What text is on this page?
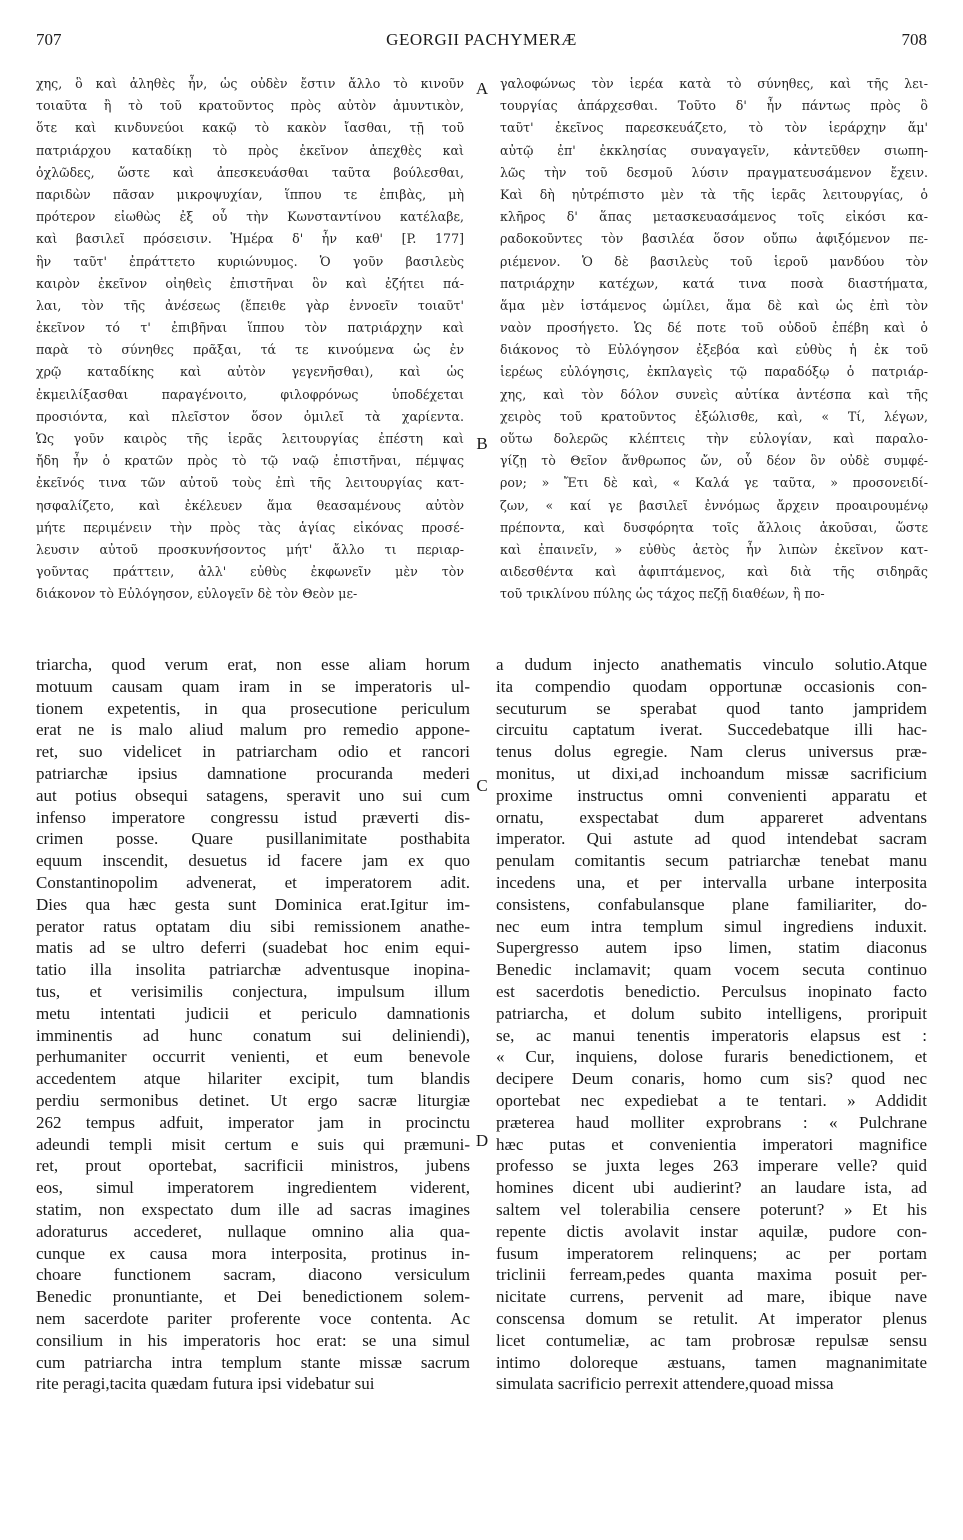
707	GEORGII PACHYMERÆ	708
χης, ὃ καὶ ἀληθὲς ἦν, ὡς οὐδὲν ἔστιν ἄλλο τὸ κινοῦν
τοιαῦτα ἢ τὸ τοῦ κρατοῦντος πρὸς αὐτὸν ἀμυντικὸν,
ὅτε καὶ κινδυνεύοι κακῷ τὸ κακὸν ἴασθαι, τῇ τοῦ
πατριάρχου καταδίκῃ τὸ πρὸς ἐκεῖνον ἀπεχθὲς καὶ
ὀχλῶδες, ὥστε καὶ ἀπεσκευάσθαι ταῦτα βούλεσθαι,
παριδὼν πᾶσαν μικροψυχίαν, ἵππου τε ἐπιβὰς, μὴ
πρότερον εἰωθὼς ἐξ οὗ τὴν Κωνσταντίνου κατέλαβε,
καὶ βασιλεῖ πρόσεισιν. Ἡμέρα δ' ἦν καθ' [P. 177]
ἣν ταῦτ' ἐπράττετο κυριώνυμος. Ὁ γοῦν βασιλεὺς
καιρὸν ἐκεῖνον οἰηθεὶς ἐπιστῆναι ὃν καὶ ἐζήτει πά-
λαι, τὸν τῆς ἀνέσεως (ἔπειθε γὰρ ἐννοεῖν τοιαῦτ'
ἐκεῖνον τό τ' ἐπιβῆναι ἵππου τὸν πατριάρχην καὶ
παρὰ τὸ σύνηθες πρᾶξαι, τά τε κινούμενα ὡς ἐν
χρῷ καταδίκης καὶ αὐτὸν γεγενῆσθαι), καὶ ὡς
ἐκμειλίξασθαι παραγένοιτο, φιλοφρόνως ὑποδέχεται
προσιόντα, καὶ πλεῖστον ὅσον ὁμιλεῖ τὰ χαρίεντα.
Ὡς γοῦν καιρὸς τῆς ἱερᾶς λειτουργίας ἐπέστη καὶ
ἤδη ἦν ὁ κρατῶν πρὸς τὸ τῷ ναῷ ἐπιστῆναι, πέμψας
ἐκεῖνός τινα τῶν αὐτοῦ τοὺς ἐπὶ τῆς λειτουργίας κατ-
ησφαλίζετο, καὶ ἐκέλευεν ἅμα θεασαμένους αὐτὸν
μήτε περιμένειν τὴν πρὸς τὰς ἁγίας εἰκόνας προσέ-
λευσιν αὐτοῦ προσκυνήσοντος μήτ' ἄλλο τι περιαρ-
γοῦντας πράττειν, ἀλλ' εὐθὺς ἐκφωνεῖν μὲν τὸν
διάκονον τὸ Εὐλόγησον, εὐλογεῖν δὲ τὸν Θεὸν με-
γαλοφώνως τὸν ἱερέα κατὰ τὸ σύνηθες, καὶ τῆς λει-
τουργίας ἀπάρχεσθαι. Τοῦτο δ' ἦν πάντως πρὸς ὃ
ταῦτ' ἐκεῖνος παρεσκευάζετο, τὸ τὸν ἱεράρχην ἅμ'
αὐτῷ ἐπ' ἐκκλησίας συναγαγεῖν, κἀντεῦθεν σιωπη-
λῶς τὴν τοῦ δεσμοῦ λύσιν πραγματευσάμενον ἔχειν.
Καὶ δὴ ηὐτρέπιστο μὲν τὰ τῆς ἱερᾶς λειτουργίας, ὁ
κλῆρος δ' ἅπας μετασκευασάμενος τοῖς εἰκόσι κα-
ραδοκοῦντες τὸν βασιλέα ὅσον οὔπω ἀφιξόμενον πε-
ριέμενον. Ὁ δὲ βασιλεὺς τοῦ ἱεροῦ μανδύου τὸν
πατριάρχην κατέχων, κατά τινα ποσὰ διαστήματα,
ἅμα μὲν ἱστάμενος ὡμίλει, ἅμα δὲ καὶ ὡς ἐπὶ τὸν
ναὸν προσήγετο. Ὡς δέ ποτε τοῦ οὐδοῦ ἐπέβη καὶ ὁ
διάκονος τὸ Εὐλόγησον ἐξεβόα καὶ εὐθὺς ἡ ἐκ τοῦ
ἱερέως εὐλόγησις, ἐκπλαγεὶς τῷ παραδόξῳ ὁ πατριάρ-
χης, καὶ τὸν δόλον συνεὶς αὐτίκα ἀντέσπα καὶ τῆς
χειρὸς τοῦ κρατοῦντος ἐξώλισθε, καὶ, « Τί, λέγων,
οὕτω δολερῶς κλέπτεις τὴν εὐλογίαν, καὶ παραλο-
γίζῃ τὸ Θεῖον ἄνθρωπος ὤν, οὗ δέον ὃν οὐδὲ συμφέ-
ρον; » Ἔτι δὲ καὶ, « Καλά γε ταῦτα, » προσονειδί-
ζων, « καί γε βασιλεῖ ἐννόμως ἄρχειν προαιρουμένῳ
πρέποντα, καὶ δυσφόρητα τοῖς ἄλλοις ἀκοῦσαι, ὥστε
καὶ ἐπαινεῖν, » εὐθὺς ἀετὸς ἦν λιπὼν ἐκεῖνον κατ-
αιδεσθέντα καὶ ἀφιπτάμενος, καὶ διὰ τῆς σιδηρᾶς
τοῦ τρικλίνου πύλης ὡς τάχος πεζῇ διαθέων, ἢ πο-
triarcha, quod verum erat, non esse aliam horum
motuum causam quam iram in se imperatoris ul-
tionem expetentis, in qua prosecutione periculum
erat ne is malo aliud malum pro remedio appone-
ret, suo videlicet in patriarcham odio et rancori
patriarchæ ipsius damnatione procuranda mederi
aut potius obsequi satagens, speravit uno sui cum
infenso imperatore congressu istud præverti dis-
crimen posse. Quare pusillanimitate posthabita
equum inscendit, desuetus id facere jam ex quo
Constantinopolim advenerat, et imperatorem adit.
Dies qua hæc gesta sunt Dominica erat.Igitur im-
perator ratus optatam diu sibi remissionem anathe-
matis ad se ultro deferri (suadebat hoc enim equi-
tatio illa insolita patriarchæ adventusque inopina-
tus, et verisimilis conjectura, impulsum illum
metu intentati judicii et periculo damnationis
imminentis ad hunc conatum sui deliniendi),
perhumaniter occurrit venienti, et eum benevole
accedentem atque hilariter excipit, tum blandis
perdiu sermonibus detinet. Ut ergo sacræ liturgiæ
262 tempus adfuit, imperator jam in procinctu
adeundi templi misit certum e suis qui præmuni-
ret, prout oportebat, sacrificii ministros, jubens
eos, simul imperatorem ingredientem viderent,
statim, non exspectato dum ille ad sacras imagines
adoraturus accederet, nullaque omnino alia qua-
cunque ex causa mora interposita, protinus in-
choare functionem sacram, diacono versiculum
Benedic pronuntiante, et Dei benedictionem solem-
nem sacerdote pariter proferente voce contenta. Ac
consilium in his imperatoris hoc erat: se una simul
cum patriarcha intra templum stante missæ sacrum
rite peragi,tacita quædam futura ipsi videbatur sui
a dudum injecto anathematis vinculo solutio.Atque
ita compendio quodam opportunæ occasionis con-
secuturum se sperabat quod tanto jampridem
circuitu captatum iverat. Succedebatque illi hac-
tenus dolus egregie. Nam clerus universus præ-
monitus, ut dixi,ad inchoandum missæ sacrificium
proxime instructus omni convenienti apparatu et
ornatu, exspectabat dum appareret adventans
imperator. Qui astute ad quod intendebat sacram
penulam comitantis secum patriarchæ tenebat manu
incedens una, et per intervalla urbane interposita
consistens, confabulansque plane familiariter, do-
nec eum intra templum simul ingrediens induxit.
Supergresso autem ipso limen, statim diaconus
Benedic inclamavit; quam vocem secuta continuo
est sacerdotis benedictio. Perculsus inopinato facto
patriarcha, et dolum subito intelligens, proripuit
se, ac manui tenentis imperatoris elapsus est :
« Cur, inquiens, dolose furaris benedictionem, et
decipere Deum conaris, homo cum sis? quod nec
oportebat nec expediebat a te tentari. » Addidit
præterea haud molliter exprobrans : « Pulchrane
hæc putas et convenientia imperatori magnifice
professo se juxta leges 263 imperare velle? quid
homines dicent ubi audierint? an laudare ista, ad
saltem vel tolerabilia censere poterunt? » Et his
repente dictis avolavit instar aquilæ, pudore con-
fusum imperatorem relinquens; ac per portam
triclinii ferream,pedes quanta maxima posuit per-
nicitate currens, pervenit ad mare, ibique nave
conscensa domum se retulit. At imperator plenus
licet contumeliæ, ac tam probrosæ repulsæ sensu
intimo doloreque æstuans, tamen magnanimitate
simulata sacrificio perrexit attendere,quoad missa
A
B
C
D
